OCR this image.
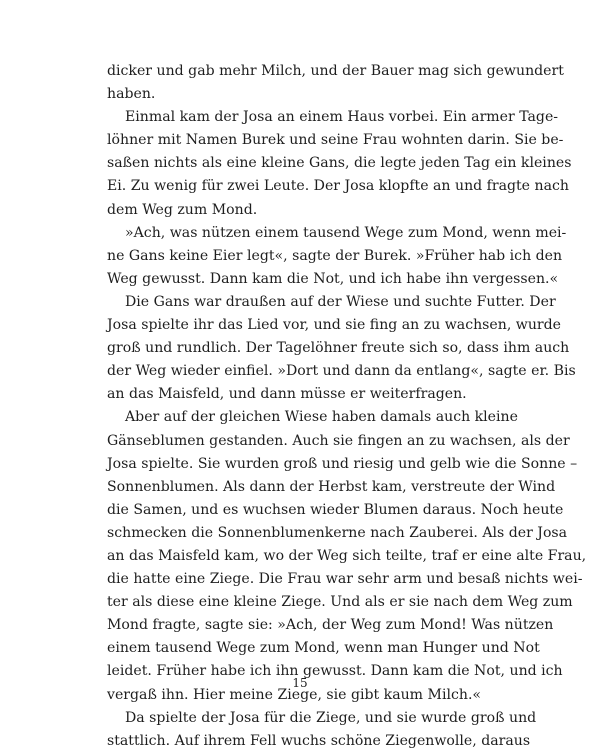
dicker und gab mehr Milch, und der Bauer mag sich gewundert
haben.
Einmal kam der Josa an einem Haus vorbei. Ein armer Tage-
löhner mit Namen Burek und seine Frau wohnten darin. Sie be-
saßen nichts als eine kleine Gans, die legte jeden Tag ein kleines
Ei. Zu wenig für zwei Leute. Der Josa klopfte an und fragte nach
dem Weg zum Mond.
»Ach, was nützen einem tausend Wege zum Mond, wenn mei-
ne Gans keine Eier legt«, sagte der Burek. »Früher hab ich den
Weg gewusst. Dann kam die Not, und ich habe ihn vergessen.«
Die Gans war draußen auf der Wiese und suchte Futter. Der
Josa spielte ihr das Lied vor, und sie fing an zu wachsen, wurde
groß und rundlich. Der Tagelöhner freute sich so, dass ihm auch
der Weg wieder einfiel. »Dort und dann da entlang«, sagte er. Bis
an das Maisfeld, und dann müsse er weiterfragen.
Aber auf der gleichen Wiese haben damals auch kleine
Gänseblumen gestanden. Auch sie fingen an zu wachsen, als der
Josa spielte. Sie wurden groß und riesig und gelb wie die Sonne –
Sonnenblumen. Als dann der Herbst kam, verstreute der Wind
die Samen, und es wuchsen wieder Blumen daraus. Noch heute
schmecken die Sonnenblumenkerne nach Zauberei. Als der Josa
an das Maisfeld kam, wo der Weg sich teilte, traf er eine alte Frau,
die hatte eine Ziege. Die Frau war sehr arm und besaß nichts wei-
ter als diese eine kleine Ziege. Und als er sie nach dem Weg zum
Mond fragte, sagte sie: »Ach, der Weg zum Mond! Was nützen
einem tausend Wege zum Mond, wenn man Hunger und Not
leidet. Früher habe ich ihn gewusst. Dann kam die Not, und ich
vergaß ihn. Hier meine Ziege, sie gibt kaum Milch.«
Da spielte der Josa für die Ziege, und sie wurde groß und
stattlich. Auf ihrem Fell wuchs schöne Ziegenwolle, daraus
15
